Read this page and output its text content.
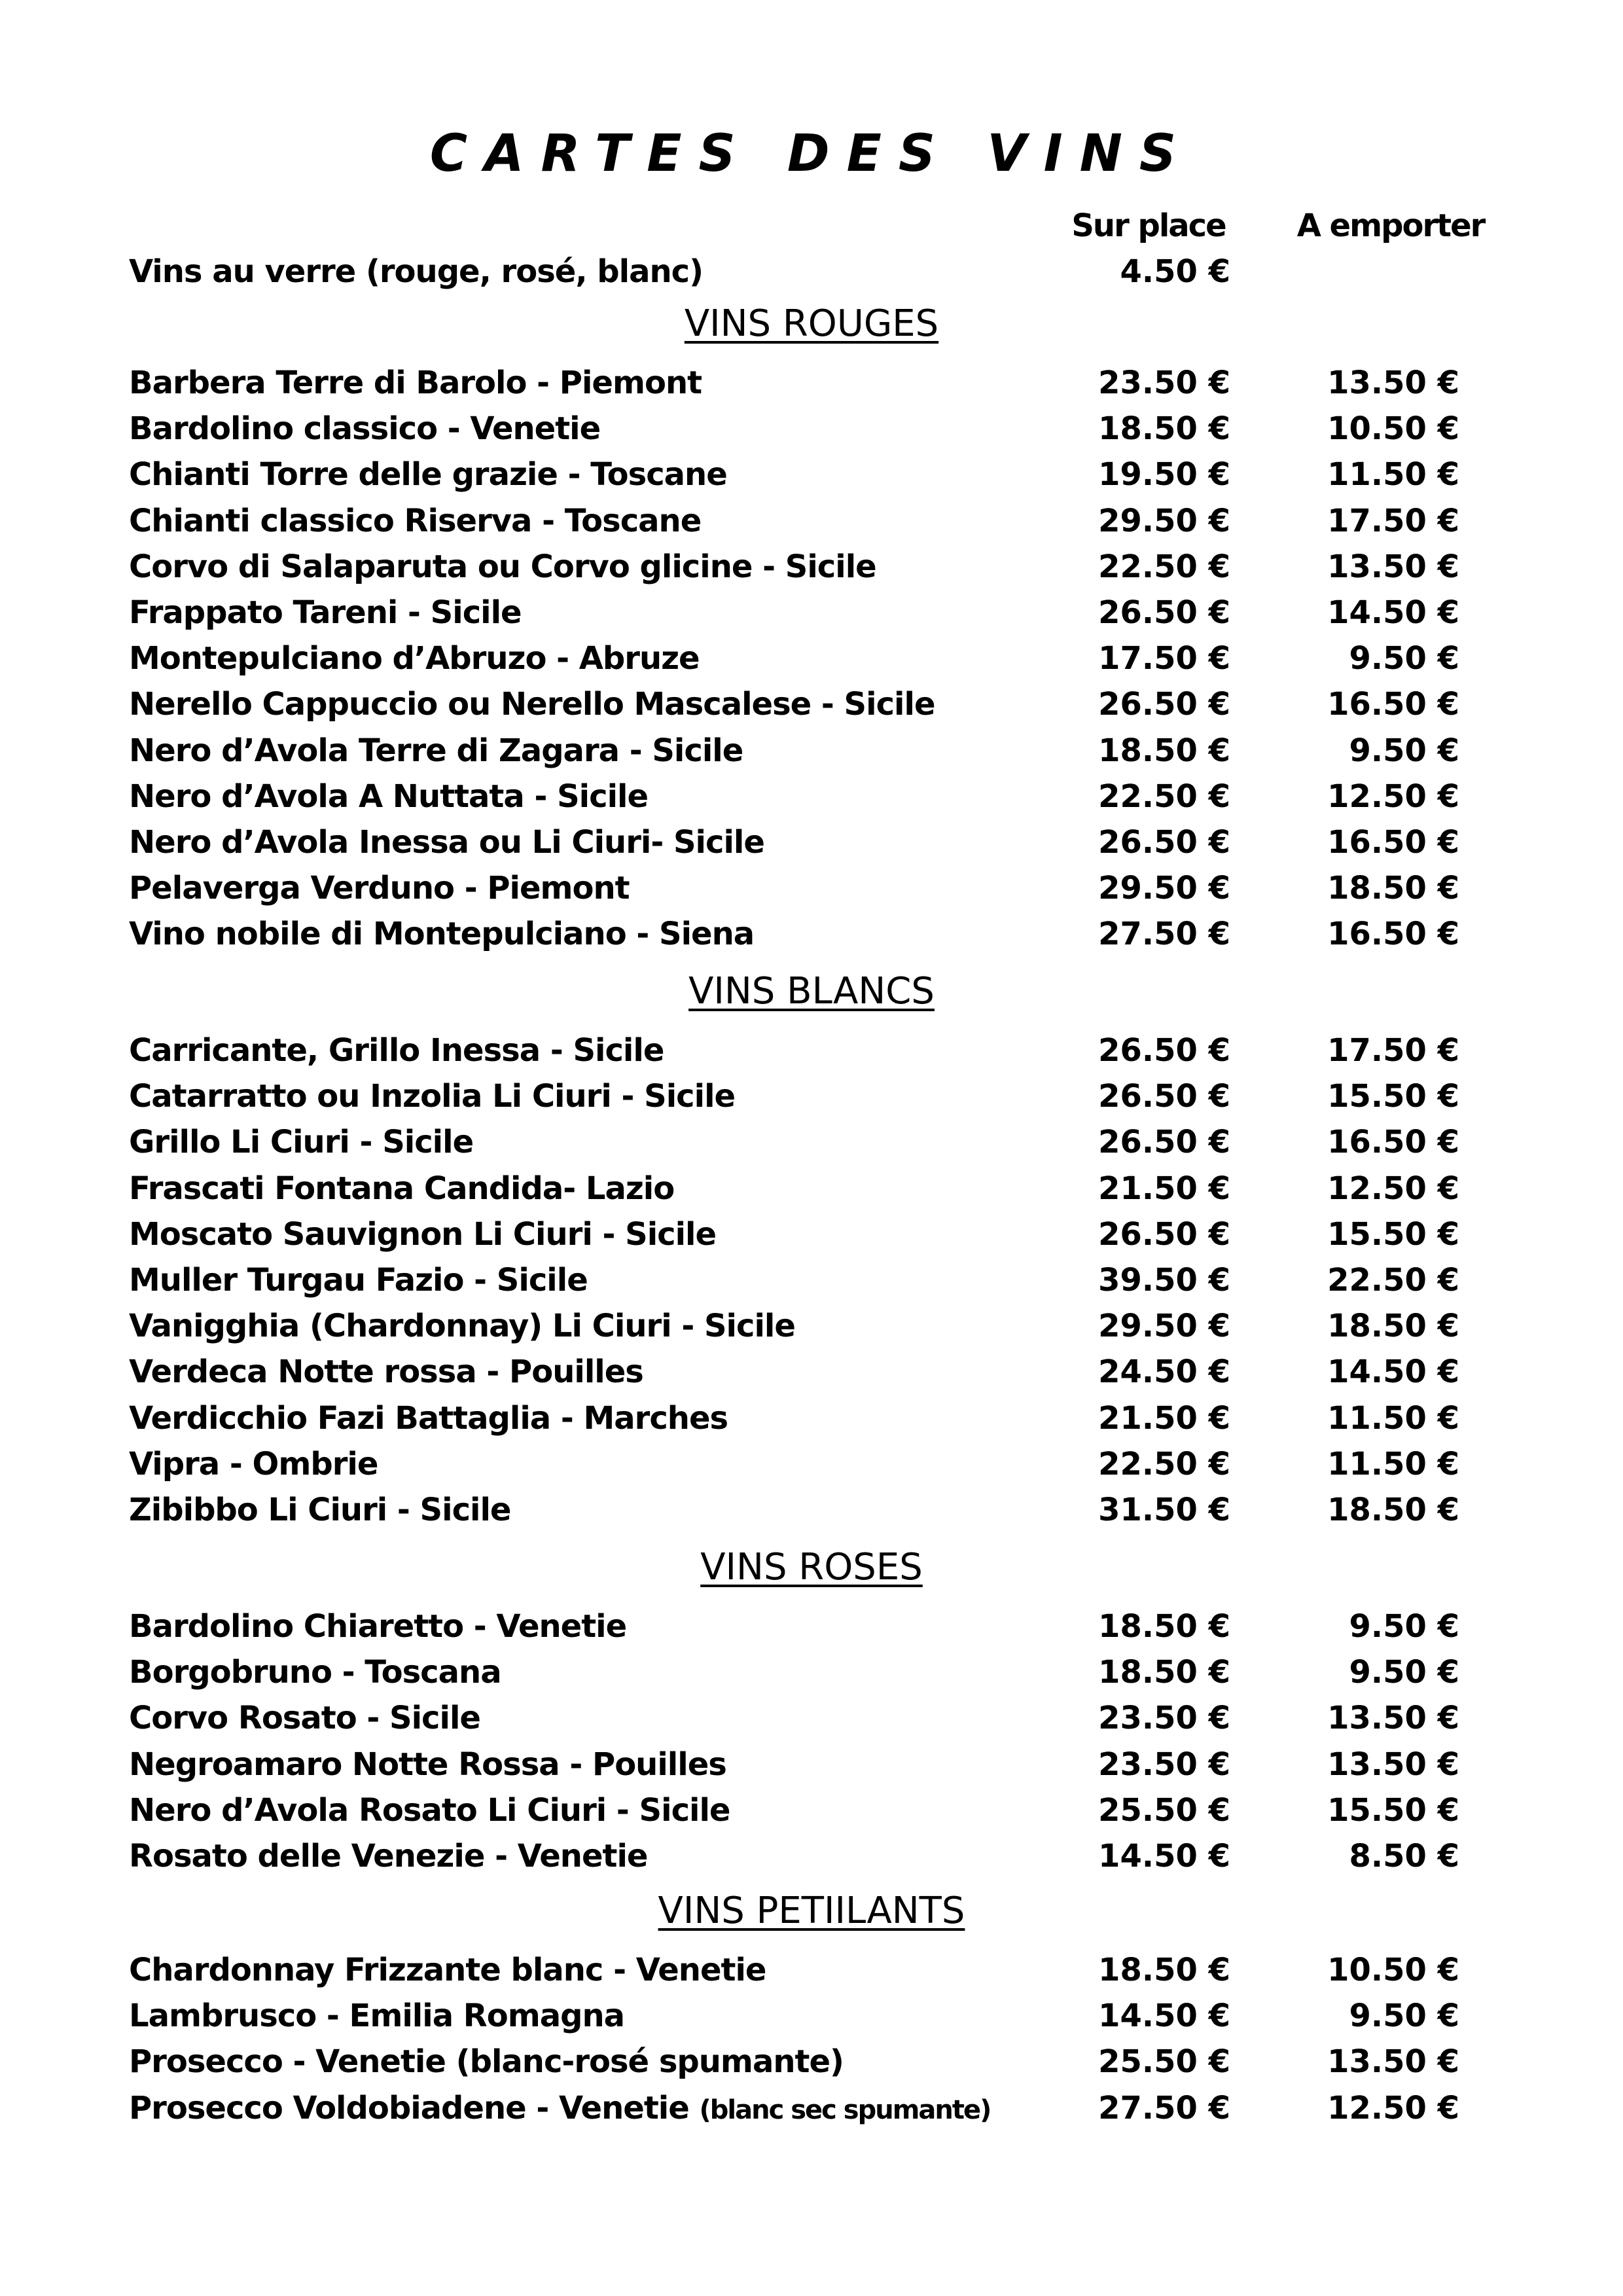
CARTES DES VINS
Sur place A emporter
Vins au verre (rouge, rosé, blanc)	4.50 €
VINS ROUGES
Barbera Terre di Barolo - Piemont	23.50 €	13.50 €
Bardolino classico - Venetie	18.50 €	10.50 €
Chianti Torre delle grazie - Toscane	19.50 €	11.50 €
Chianti classico Riserva - Toscane	29.50 €	17.50 €
Corvo di Salaparuta ou Corvo glicine - Sicile	22.50 €	13.50 €
Frappato Tareni - Sicile	26.50 €	14.50 €
Montepulciano d’Abruzo - Abruze	17.50 €	9.50 €
Nerello Cappuccio ou Nerello Mascalese - Sicile	26.50 €	16.50 €
Nero d’Avola Terre di Zagara - Sicile	18.50 €	9.50 €
Nero d’Avola A Nuttata - Sicile	22.50 €	12.50 €
Nero d’Avola Inessa ou Li Ciuri- Sicile	26.50 €	16.50 €
Pelaverga Verduno - Piemont	29.50 €	18.50 €
Vino nobile di Montepulciano - Siena	27.50 €	16.50 €
VINS BLANCS
Carricante, Grillo Inessa - Sicile	26.50 €	17.50 €
Catarratto ou Inzolia Li Ciuri - Sicile	26.50 €	15.50 €
Grillo Li Ciuri - Sicile	26.50 €	16.50 €
Frascati Fontana Candida- Lazio	21.50 €	12.50 €
Moscato Sauvignon Li Ciuri - Sicile	26.50 €	15.50 €
Muller Turgau Fazio - Sicile	39.50 €	22.50 €
Vanigghia (Chardonnay) Li Ciuri - Sicile	29.50 €	18.50 €
Verdeca Notte rossa - Pouilles	24.50 €	14.50 €
Verdicchio Fazi Battaglia - Marches	21.50 €	11.50 €
Vipra - Ombrie	22.50 €	11.50 €
Zibibbo Li Ciuri - Sicile	31.50 €	18.50 €
VINS ROSES
Bardolino Chiaretto - Venetie	18.50 €	9.50 €
Borgobruno - Toscana	18.50 €	9.50 €
Corvo Rosato - Sicile	23.50 €	13.50 €
Negroamaro Notte Rossa - Pouilles	23.50 €	13.50 €
Nero d’Avola Rosato Li Ciuri - Sicile	25.50 €	15.50 €
Rosato delle Venezie - Venetie	14.50 €	8.50 €
VINS PETIILANTS
Chardonnay Frizzante blanc - Venetie	18.50 €	10.50 €
Lambrusco - Emilia Romagna	14.50 €	9.50 €
Prosecco - Venetie (blanc-rosé spumante)	25.50 €	13.50 €
Prosecco Voldobiadene - Venetie (blanc sec spumante)	27.50 €	12.50 €
